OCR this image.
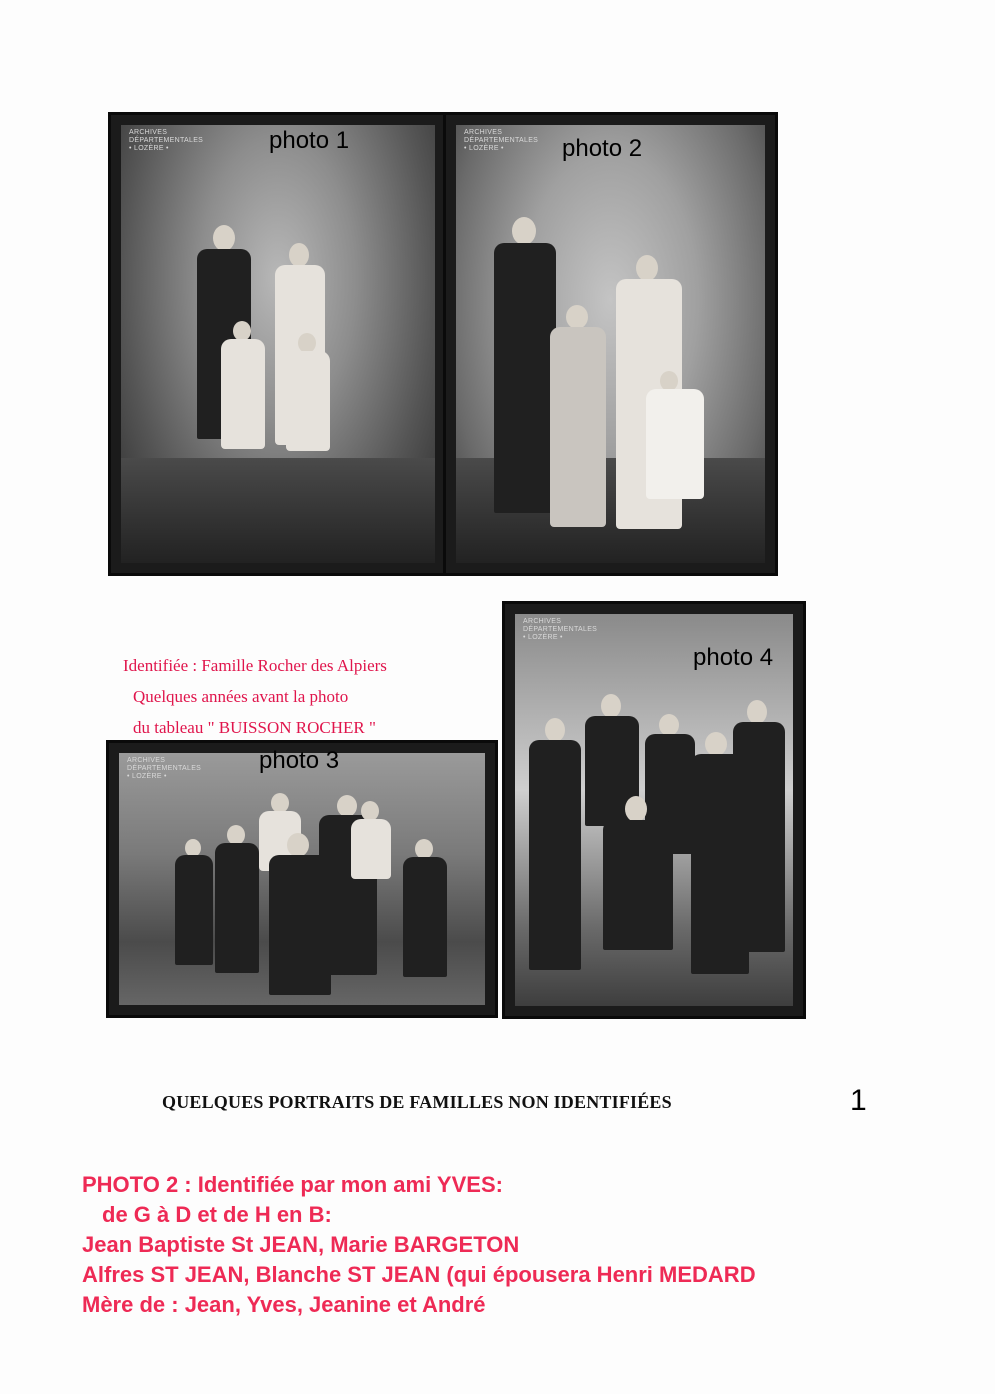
ARCHIVES
DÉPARTEMENTALES
• LOZÈRE •	photo 1	ARCHIVES
DÉPARTEMENTALES
• LOZÈRE •	photo 2
Identifiée : Famille Rocher des Alpiers
Quelques années avant la photo
du tableau " BUISSON ROCHER "
ARCHIVES
DÉPARTEMENTALES
• LOZÈRE •
photo 3
ARCHIVES
DÉPARTEMENTALES
• LOZÈRE •
photo 4
QUELQUES PORTRAITS DE FAMILLES NON IDENTIFIÉES	1
PHOTO 2 : Identifiée par mon ami YVES:
de G à D et de H en B:
Jean Baptiste St JEAN, Marie BARGETON
Alfres ST JEAN, Blanche ST JEAN (qui épousera Henri MEDARD
Mère de : Jean, Yves, Jeanine et André
